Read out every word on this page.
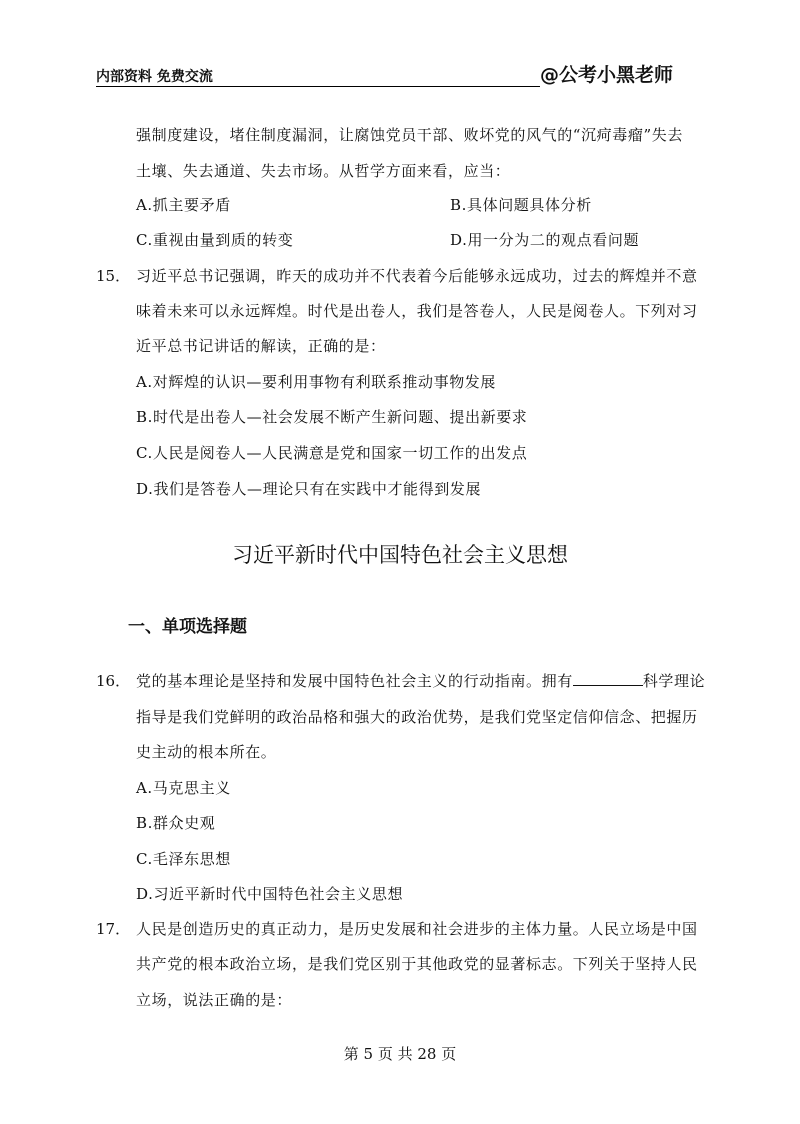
内部资料 免费交流	@公考小黑老师
强制度建设，堵住制度漏洞，让腐蚀党员干部、败坏党的风气的“沉疴毒瘤”失去
土壤、失去通道、失去市场。从哲学方面来看，应当：
A.抓主要矛盾	B.具体问题具体分析
C.重视由量到质的转变	D.用一分为二的观点看问题
15． 习近平总书记强调，昨天的成功并不代表着今后能够永远成功，过去的辉煌并不意
味着未来可以永远辉煌。时代是出卷人，我们是答卷人，人民是阅卷人。下列对习
近平总书记讲话的解读，正确的是：
A.对辉煌的认识—要利用事物有利联系推动事物发展
B.时代是出卷人—社会发展不断产生新问题、提出新要求
C.人民是阅卷人—人民满意是党和国家一切工作的出发点
D.我们是答卷人—理论只有在实践中才能得到发展
习近平新时代中国特色社会主义思想
一、单项选择题
16． 党的基本理论是坚持和发展中国特色社会主义的行动指南。拥有	科学理论
指导是我们党鲜明的政治品格和强大的政治优势，是我们党坚定信仰信念、把握历
史主动的根本所在。
A.马克思主义
B.群众史观
C.毛泽东思想
D.习近平新时代中国特色社会主义思想
17． 人民是创造历史的真正动力，是历史发展和社会进步的主体力量。人民立场是中国
共产党的根本政治立场，是我们党区别于其他政党的显著标志。下列关于坚持人民
立场，说法正确的是：
第 5 页 共 28 页
